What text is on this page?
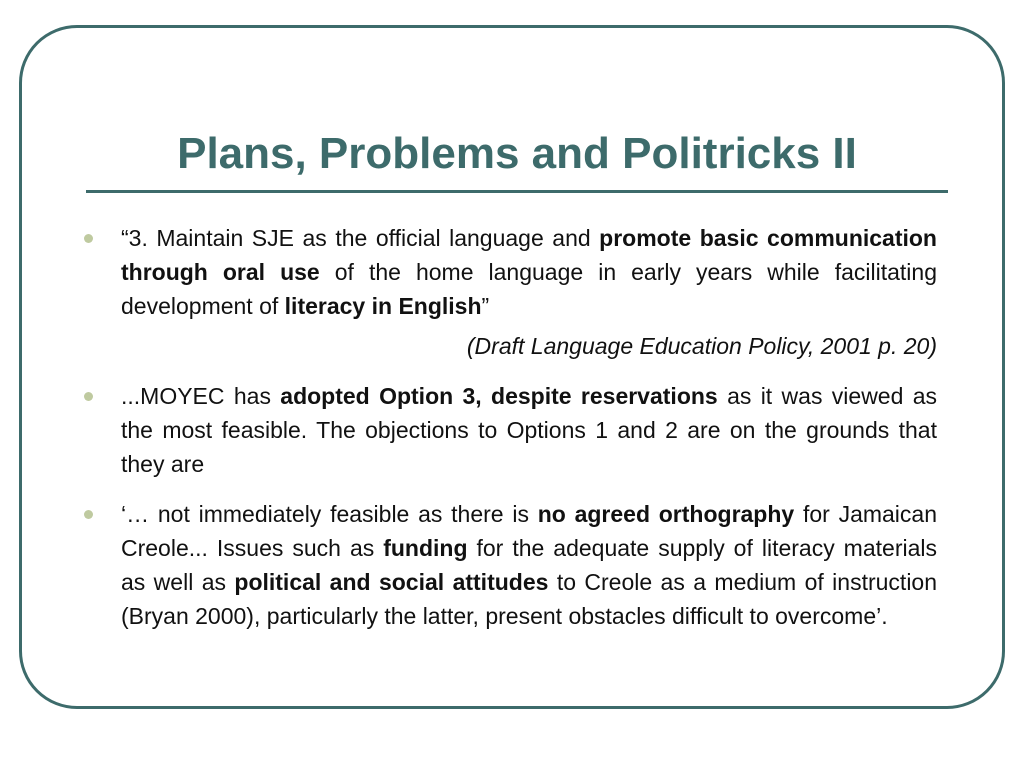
Plans, Problems and Politricks II
“3. Maintain SJE as the official language and promote basic communication through oral use of the home language in early years while facilitating development of literacy in English”
(Draft Language Education Policy, 2001 p. 20)
...MOYEC has adopted Option 3, despite reservations as it was viewed as the most feasible. The objections to Options 1 and 2 are on the grounds that they are
‘… not immediately feasible as there is no agreed orthography for Jamaican Creole... Issues such as funding for the adequate supply of literacy materials as well as political and social attitudes to Creole as a medium of instruction (Bryan 2000), particularly the latter, present obstacles difficult to overcome’.
